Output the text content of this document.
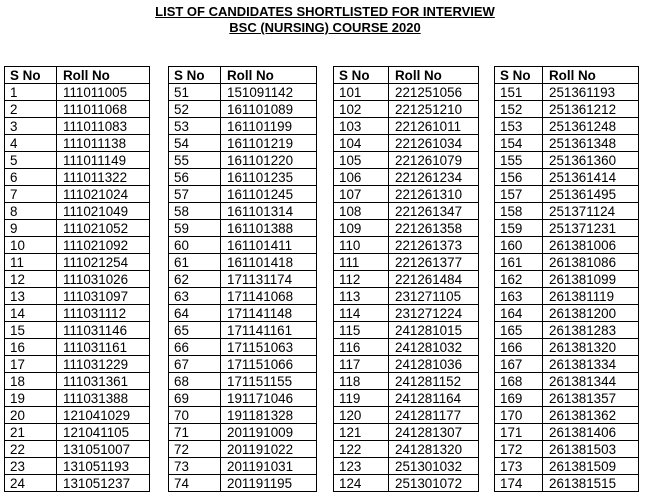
LIST OF CANDIDATES SHORTLISTED FOR INTERVIEW
BSC (NURSING) COURSE 2020
S No	Roll No
1	111011005
2	111011068
3	111011083
4	111011138
5	111011149
6	111011322
7	111021024
8	111021049
9	111021052
10	111021092
11	111021254
12	111031026
13	111031097
14	111031112
15	111031146
16	111031161
17	111031229
18	111031361
19	111031388
20	121041029
21	121041105
22	131051007
23	131051193
24	131051237
S No	Roll No
51	151091142
52	161101089
53	161101199
54	161101219
55	161101220
56	161101235
57	161101245
58	161101314
59	161101388
60	161101411
61	161101418
62	171131174
63	171141068
64	171141148
65	171141161
66	171151063
67	171151066
68	171151155
69	191171046
70	191181328
71	201191009
72	201191022
73	201191031
74	201191195
S No	Roll No
101	221251056
102	221251210
103	221261011
104	221261034
105	221261079
106	221261234
107	221261310
108	221261347
109	221261358
110	221261373
111	221261377
112	221261484
113	231271105
114	231271224
115	241281015
116	241281032
117	241281036
118	241281152
119	241281164
120	241281177
121	241281307
122	241281320
123	251301032
124	251301072
S No	Roll No
151	251361193
152	251361212
153	251361248
154	251361348
155	251361360
156	251361414
157	251361495
158	251371124
159	251371231
160	261381006
161	261381086
162	261381099
163	261381119
164	261381200
165	261381283
166	261381320
167	261381334
168	261381344
169	261381357
170	261381362
171	261381406
172	261381503
173	261381509
174	261381515
